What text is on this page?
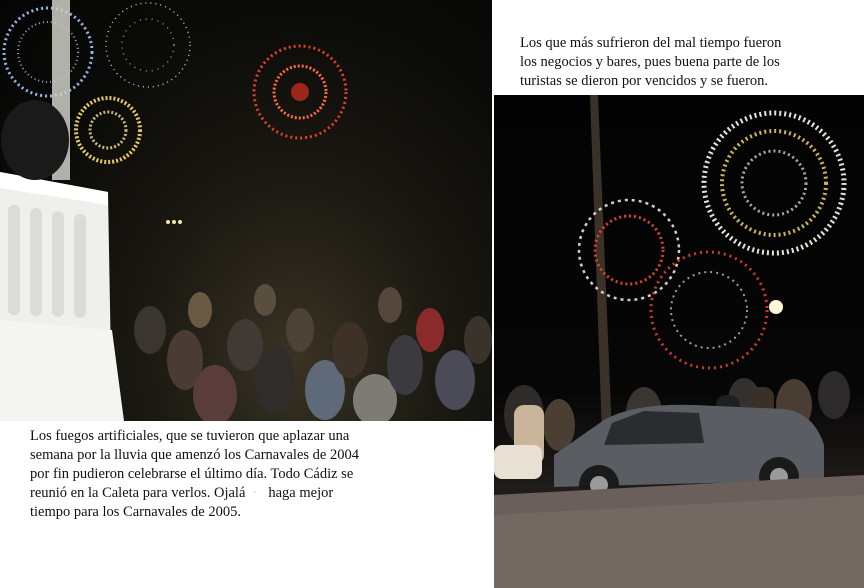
Los que más sufrieron del mal tiempo fueron
los negocios y bares, pues buena parte de los
turistas se dieron por vencidos y se fueron.
Los fuegos artificiales, que se tuvieron que aplazar una
semana por la lluvia que amenzó los Carnavales de 2004
por fin pudieron celebrarse el último día. Todo Cádiz se
reunió en la Caleta para verlos. Ojalá  ·   haga mejor
tiempo para los Carnavales de 2005.
